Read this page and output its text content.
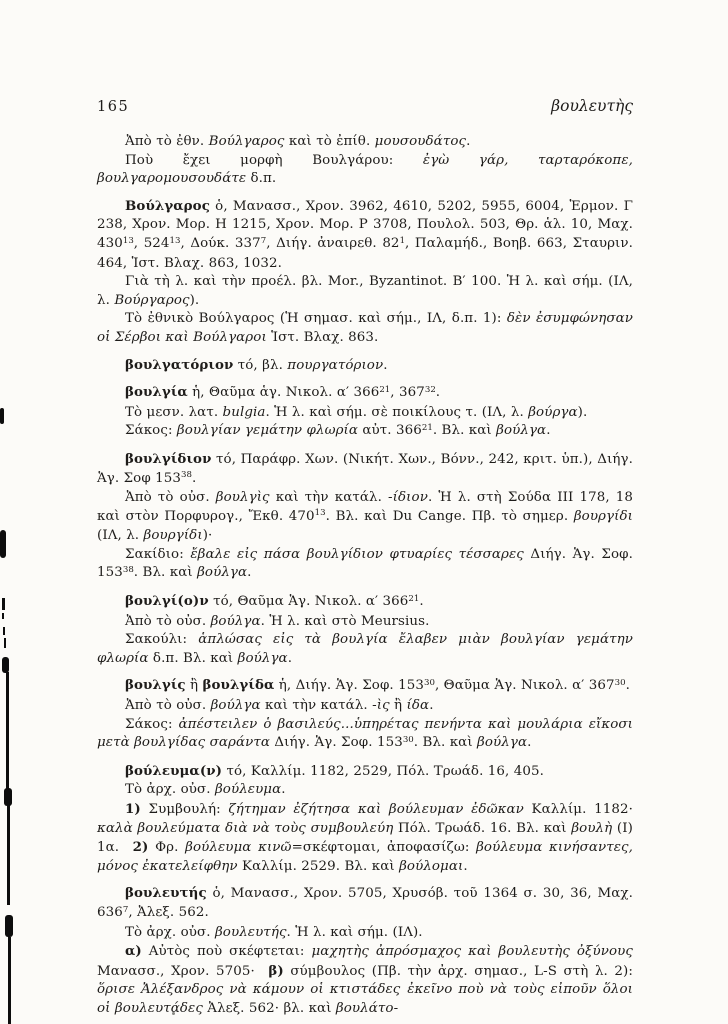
165	βουλευτὴς

Ἀπὸ τὸ ἐθν. Βούλγαρος καὶ τὸ ἐπίθ. μουσουδάτος.

Ποὺ ἔχει μορφὴ Βουλγάρου: ἐγὼ γάρ, ταρταρόκοπε, βουλγαρομουσουδάτε δ.π.

Βούλγαρος ὁ, Μανασσ., Χρον. 3962, 4610, 5202, 5955, 6004, Ἑρμον. Γ 238, Χρον. Μορ. Η 1215, Χρον. Μορ. Ρ 3708, Πουλολ. 503, Θρ. ἁλ. 10, Μαχ. $430^{13}$, $524^{13}$, Δούκ. $337^7$, Διήγ. ἀναιρεθ. $82^1$, Παλαμήδ., Βοηβ. 663, Σταυριν. 464, Ἱστ. Βλαχ. 863, 1032.

Γιὰ τὴ λ. καὶ τὴν προέλ. βλ. Mor., Byzantinot. Β′ 100. Ἡ λ. καὶ σήμ. (ΙΛ, λ. Βούργαρος).

Τὸ ἐθνικὸ Βούλγαρος (Ἡ σημασ. καὶ σήμ., ΙΛ, δ.π. 1): δὲν ἐσυμφώνησαν οἱ Σέρβοι καὶ Βούλγαροι Ἱστ. Βλαχ. 863.

βουλγατόριον τό, βλ. πουργατόριον.

βουλγία ἡ, Θαῦμα ἁγ. Νικολ. α′ $366^{21}$, $367^{32}$.

Τὸ μεσν. λατ. bulgia. Ἡ λ. καὶ σήμ. σὲ ποικίλους τ. (ΙΛ, λ. βούργα).

Σάκος: βουλγίαν γεμάτην φλωρία αὐτ. $366^{21}$. Βλ. καὶ βούλγα.

βουλγίδιον τό, Παράφρ. Χων. (Νικήτ. Χων., Βόνν., 242, κριτ. ὑπ.), Διήγ. Ἁγ. Σοφ $153^{38}$.

Ἀπὸ τὸ οὐσ. βουλγὶς καὶ τὴν κατάλ. -ίδιον. Ἡ λ. στὴ Σούδα III 178, 18 καὶ στὸν Πορφυρογ., Ἔκθ. $470^{13}$. Βλ. καὶ Du Cange. Πβ. τὸ σημερ. βουργίδι (ΙΛ, λ. βουργίδι)·

Σακίδιο: ἔβαλε εἰς πάσα βουλγίδιον φτυαρίες τέσσαρες Διήγ. Ἁγ. Σοφ. $153^{38}$. Βλ. καὶ βούλγα.

βουλγί(ο)ν τό, Θαῦμα Ἁγ. Νικολ. α′ $366^{21}$.

Ἀπὸ τὸ οὐσ. βούλγα. Ἡ λ. καὶ στὸ Meursius.

Σακούλι: ἁπλώσας εἰς τὰ βουλγία ἔλαβεν μιὰν βουλγίαν γεμάτην φλωρία δ.π. Βλ. καὶ βούλγα.

βουλγίς ἢ βουλγίδα ἡ, Διήγ. Ἁγ. Σοφ. $153^{30}$, Θαῦμα Ἁγ. Νικολ. α′ $367^{30}$.

Ἀπὸ τὸ οὐσ. βούλγα καὶ τὴν κατάλ. -ὶς ἢ ίδα.

Σάκος: ἀπέστειλεν ὁ βασιλεύς...ὑπηρέτας πενήντα καὶ μουλάρια εἴκοσι μετὰ βουλγίδας σαράντα Διήγ. Ἁγ. Σοφ. $153^{30}$. Βλ. καὶ βούλγα.

βούλευμα(ν) τό, Καλλίμ. 1182, 2529, Πόλ. Τρωάδ. 16, 405.

Τὸ ἀρχ. οὐσ. βούλευμα.

1) Συμβουλή: ζήτημαν ἐζήτησα καὶ βούλευμαν ἐδῶκαν Καλλίμ. 1182· καλὰ βουλεύματα διὰ νὰ τοὺς συμβουλεύη Πόλ. Τρωάδ. 16. Βλ. καὶ βουλὴ (Ι) 1α. 2) Φρ. βούλευμα κινῶ=σκέφτομαι, ἀποφασίζω: βούλευμα κινήσαντες, μόνος ἐκατελείφθην Καλλίμ. 2529. Βλ. καὶ βούλομαι.

βουλευτής ὁ, Μανασσ., Χρον. 5705, Χρυσόβ. τοῦ 1364 σ. 30, 36, Μαχ. $636^7$, Ἀλεξ. 562.

Τὸ ἀρχ. οὐσ. βουλευτής. Ἡ λ. καὶ σήμ. (ΙΛ).

α) Αὐτὸς ποὺ σκέφτεται: μαχητὴς ἀπρόσμαχος καὶ βουλευτὴς ὀξύνους Μανασσ., Χρον. 5705· β) σύμβουλος (Πβ. τὴν ἀρχ. σημασ., L-S στὴ λ. 2): ὅρισε Ἀλέξανδρος νὰ κάμουν οἱ κτιστάδες ἐκεῖνο ποὺ νὰ τοὺς εἰποῦν ὅλοι οἱ βουλευτάδες Ἀλεξ. 562· βλ. καὶ βουλάτο-
